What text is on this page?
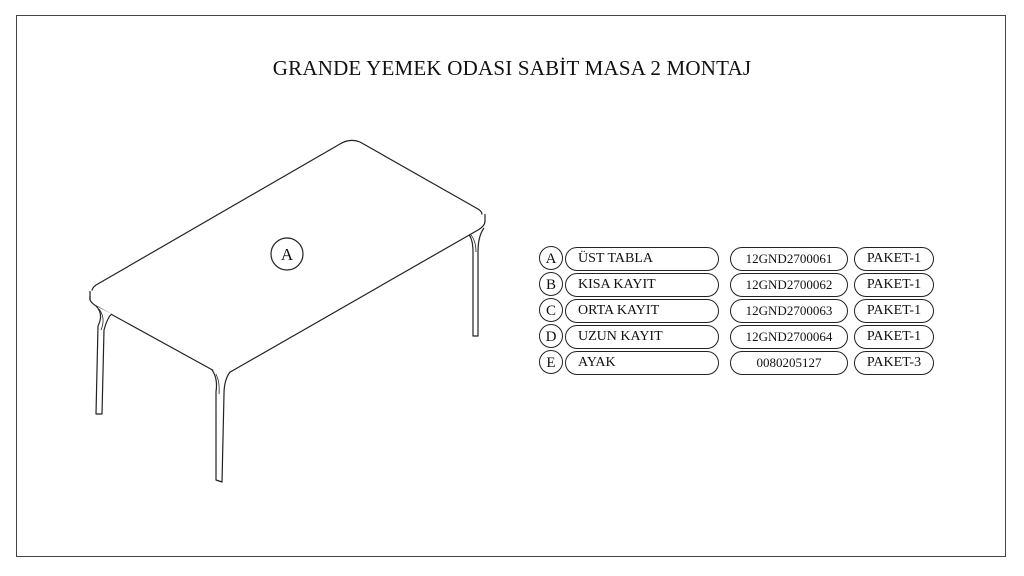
GRANDE YEMEK ODASI SABİT MASA 2 MONTAJ
A	A	ÜST TABLA	12GND2700061	PAKET-1
B	KISA KAYIT	12GND2700062	PAKET-1
C	ORTA KAYIT	12GND2700063	PAKET-1
D	UZUN KAYIT	12GND2700064	PAKET-1
E	AYAK	0080205127	PAKET-3
